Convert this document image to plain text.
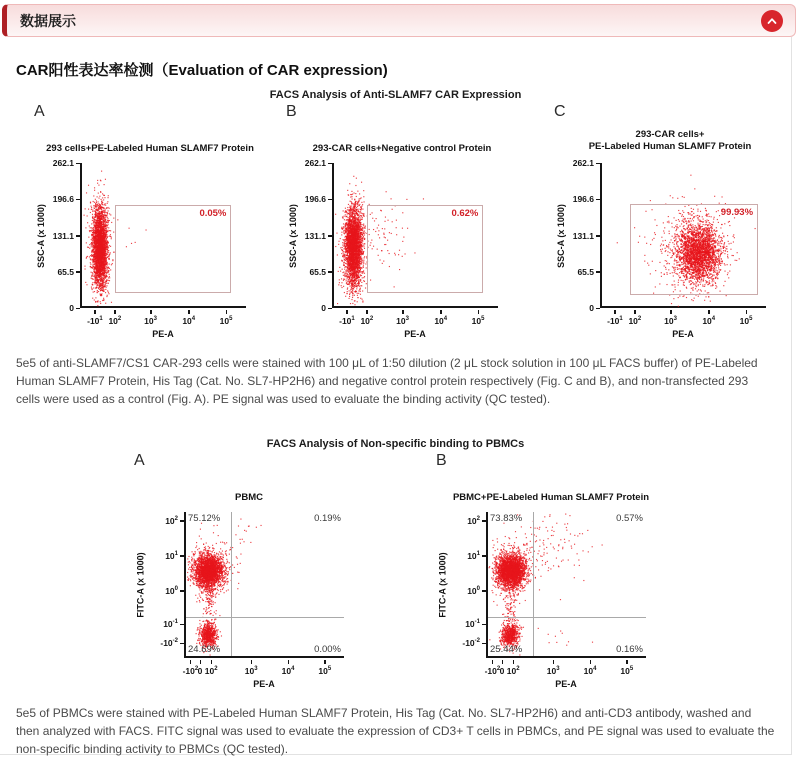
数据展示
CAR阳性表达率检测（Evaluation of CAR expression)
FACS Analysis of Anti-SLAMF7 CAR Expression
A
293 cells+PE-Labeled Human SLAMF7 Protein
SSC-A (x 1000)	0.05%
0
65.5
131.1
196.6
262.1
$-10^1$ $10^2$	$10^3$	$10^4$	$10^5$
PE-A
B
293-CAR cells+Negative control Protein
SSC-A (x 1000)	0.62%
0
65.5
131.1
196.6
262.1
$-10^1$ $10^2$	$10^3$	$10^4$	$10^5$
PE-A
C
293-CAR cells+
PE-Labeled Human SLAMF7 Protein
SSC-A (x 1000)	99.93%
0
65.5
131.1
196.6
262.1
$-10^1$ $10^2$	$10^3$	$10^4$	$10^5$
PE-A
5e5 of anti-SLAMF7/CS1 CAR-293 cells were stained with 100 μL of 1:50 dilution (2 μL stock solution in 100 μL FACS buffer) of PE-Labeled Human SLAMF7 Protein, His Tag (Cat. No. SL7-HP2H6) and negative control protein respectively (Fig. C and B), and non-transfected 293 cells were used as a control (Fig. A). PE signal was used to evaluate the binding activity (QC tested).
FACS Analysis of Non-specific binding to PBMCs
A
PBMC
FITC-A (x 1000)
75.12%	0.19%
24.69%	0.00%
$10^2$
$10^1$
$10^0$
$10^{-1}$
$-10^{-2}$
$-10^2$ 0 $10^2$	$10^3$	$10^4$	$10^5$
PE-A
B
PBMC+PE-Labeled Human SLAMF7 Protein
FITC-A (x 1000)
73.83%	0.57%
25.44%	0.16%
$10^2$
$10^1$
$10^0$
$10^{-1}$
$-10^{-2}$
$-10^2$ 0 $10^2$	$10^3$	$10^4$	$10^5$
PE-A
5e5 of PBMCs were stained with PE-Labeled Human SLAMF7 Protein, His Tag (Cat. No. SL7-HP2H6) and anti-CD3 antibody, washed and then analyzed with FACS. FITC signal was used to evaluate the expression of CD3+ T cells in PBMCs, and PE signal was used to evaluate the non-specific binding activity to PBMCs (QC tested).
